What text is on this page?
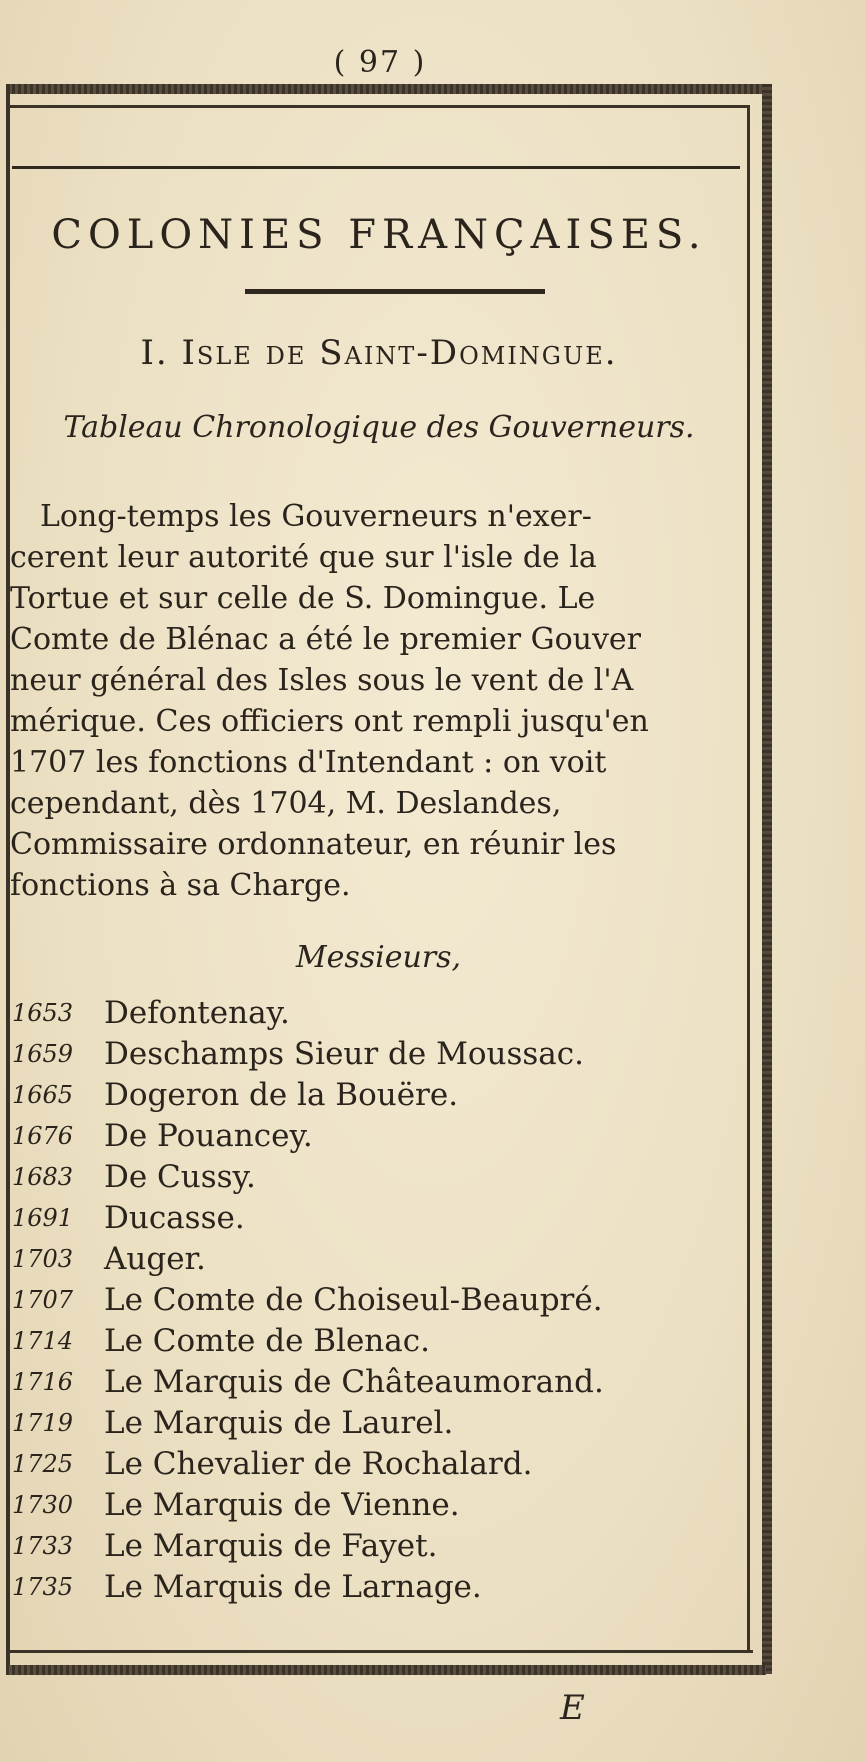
( 97 )
COLONIES FRANÇAISES.
I. Isle de Saint-Domingue.
Tableau Chronologique des Gouverneurs.
Long-temps les Gouverneurs n'exer-
cerent leur autorité que sur l'isle de la
Tortue et sur celle de S. Domingue. Le
Comte de Blénac a été le premier Gouver
neur général des Isles sous le vent de l'A
mérique. Ces officiers ont rempli jusqu'en
1707 les fonctions d'Intendant : on voit
cependant, dès 1704, M. Deslandes,
Commissaire ordonnateur, en réunir les
fonctions à sa Charge.
Messieurs,
1653 Defontenay.
1659 Deschamps Sieur de Moussac.
1665 Dogeron de la Bouëre.
1676 De Pouancey.
1683 De Cussy.
1691 Ducasse.
1703 Auger.
1707 Le Comte de Choiseul-Beaupré.
1714 Le Comte de Blenac.
1716 Le Marquis de Châteaumorand.
1719 Le Marquis de Laurel.
1725 Le Chevalier de Rochalard.
1730 Le Marquis de Vienne.
1733 Le Marquis de Fayet.
1735 Le Marquis de Larnage.
E
